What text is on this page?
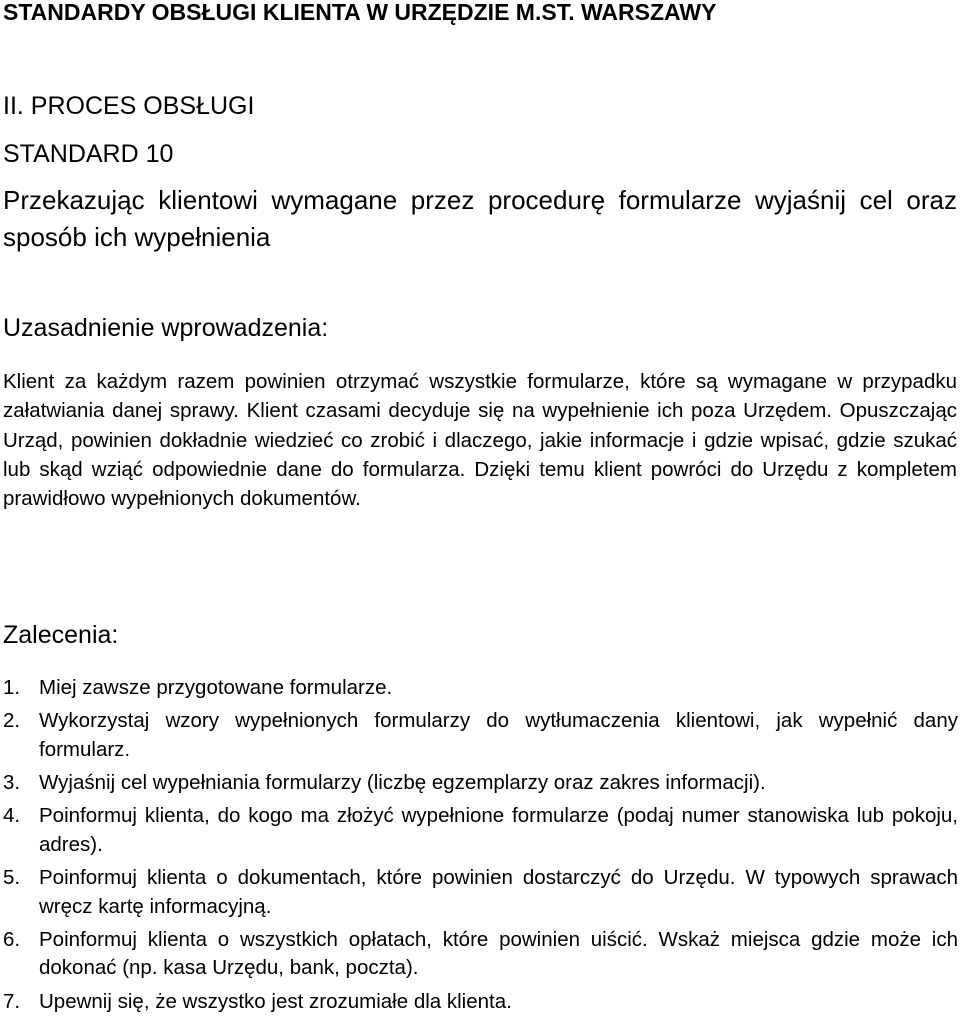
STANDARDY OBSŁUGI KLIENTA W URZĘDZIE M.ST. WARSZAWY
II. PROCES OBSŁUGI
STANDARD 10
Przekazując klientowi wymagane przez procedurę formularze wyjaśnij cel oraz sposób ich wypełnienia
Uzasadnienie wprowadzenia:
Klient za każdym razem powinien otrzymać wszystkie formularze, które są wymagane w przypadku załatwiania danej sprawy. Klient czasami decyduje się na wypełnienie ich poza Urzędem. Opuszczając Urząd, powinien dokładnie wiedzieć co zrobić i dlaczego, jakie informacje i gdzie wpisać, gdzie szukać lub skąd wziąć odpowiednie dane do formularza. Dzięki temu klient powróci do Urzędu z kompletem prawidłowo wypełnionych dokumentów.
Zalecenia:
1. Miej zawsze przygotowane formularze.
2. Wykorzystaj wzory wypełnionych formularzy do wytłumaczenia klientowi, jak wypełnić dany formularz.
3. Wyjaśnij cel wypełniania formularzy (liczbę egzemplarzy oraz zakres informacji).
4. Poinformuj klienta, do kogo ma złożyć wypełnione formularze (podaj numer stanowiska lub pokoju, adres).
5. Poinformuj klienta o dokumentach, które powinien dostarczyć do Urzędu. W typowych sprawach wręcz kartę informacyjną.
6. Poinformuj klienta o wszystkich opłatach, które powinien uiścić. Wskaż miejsca gdzie może ich dokonać (np. kasa Urzędu, bank, poczta).
7. Upewnij się, że wszystko jest zrozumiałe dla klienta.
